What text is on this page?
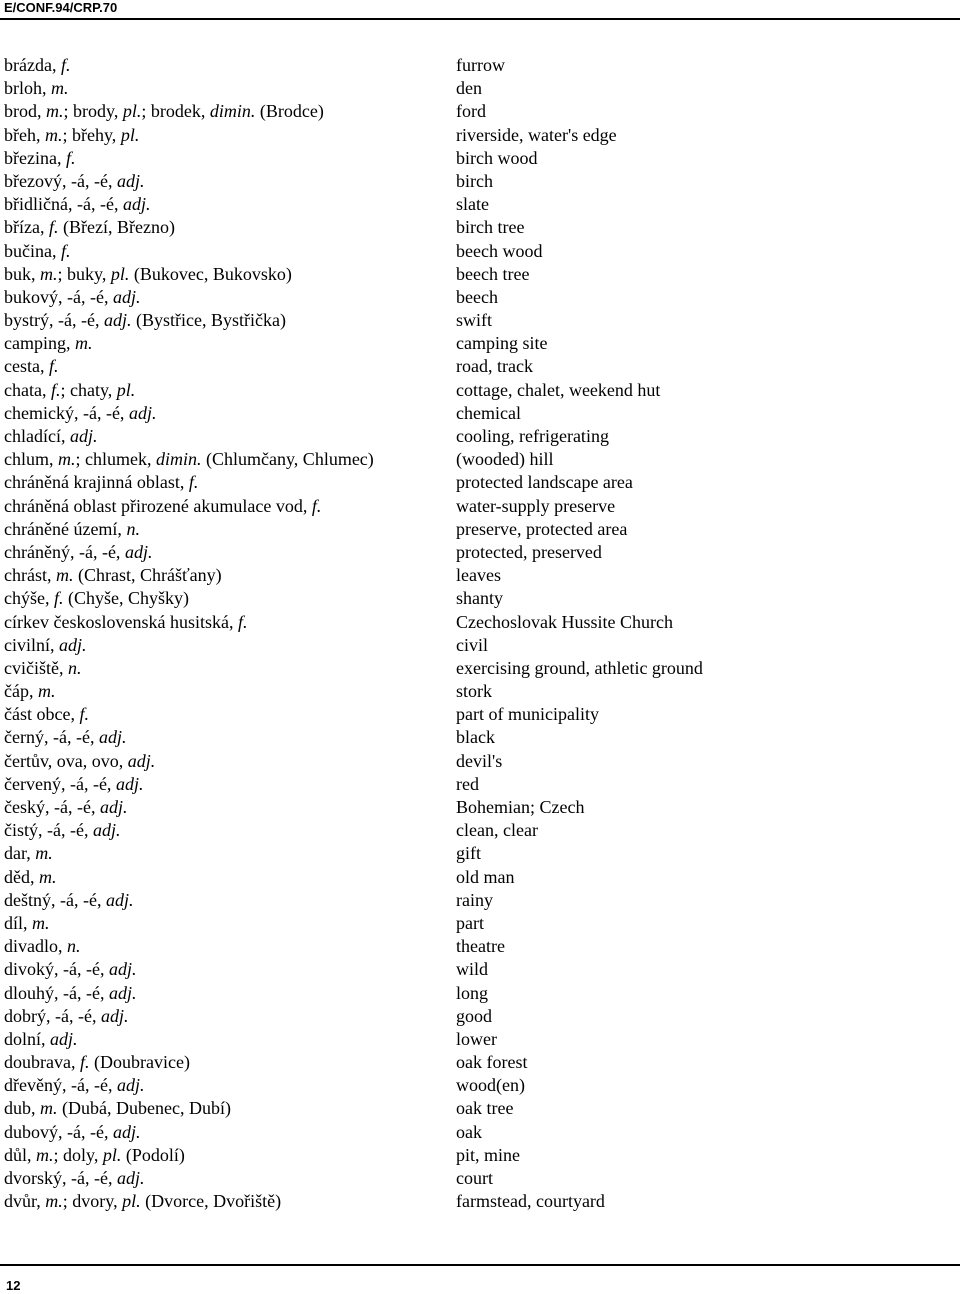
E/CONF.94/CRP.70
brázda, f.	furrow
brloh, m.	den
brod, m.; brody, pl.; brodek, dimin. (Brodce)	ford
břeh, m.; břehy, pl.	riverside, water's edge
březina, f.	birch wood
březový, -á, -é, adj.	birch
břidličná, -á, -é, adj.	slate
bříza, f. (Březí, Březno)	birch tree
bučina, f.	beech wood
buk, m.; buky, pl. (Bukovec, Bukovsko)	beech tree
bukový, -á, -é, adj.	beech
bystrý, -á, -é, adj. (Bystřice, Bystřička)	swift
camping, m.	camping site
cesta, f.	road, track
chata, f.; chaty, pl.	cottage, chalet, weekend hut
chemický, -á, -é, adj.	chemical
chladící, adj.	cooling, refrigerating
chlum, m.; chlumek, dimin. (Chlumčany, Chlumec)	(wooded) hill
chráněná krajinná oblast, f.	protected landscape area
chráněná oblast přirozené akumulace vod, f.	water-supply preserve
chráněné území, n.	preserve, protected area
chráněný, -á, -é, adj.	protected, preserved
chrást, m. (Chrast, Chrášťany)	leaves
chýše, f. (Chyše, Chyšky)	shanty
církev československá husitská, f.	Czechoslovak Hussite Church
civilní, adj.	civil
cvičiště, n.	exercising ground, athletic ground
čáp, m.	stork
část obce, f.	part of municipality
černý, -á, -é, adj.	black
čertův, ova, ovo, adj.	devil's
červený, -á, -é, adj.	red
český, -á, -é, adj.	Bohemian; Czech
čistý, -á, -é, adj.	clean, clear
dar, m.	gift
děd, m.	old man
deštný, -á, -é, adj.	rainy
díl, m.	part
divadlo, n.	theatre
divoký, -á, -é, adj.	wild
dlouhý, -á, -é, adj.	long
dobrý, -á, -é, adj.	good
dolní, adj.	lower
doubrava, f. (Doubravice)	oak forest
dřevěný, -á, -é, adj.	wood(en)
dub, m. (Dubá, Dubenec, Dubí)	oak tree
dubový, -á, -é, adj.	oak
důl, m.; doly, pl. (Podolí)	pit, mine
dvorský, -á, -é, adj.	court
dvůr, m.; dvory, pl. (Dvorce, Dvořiště)	farmstead, courtyard
12
